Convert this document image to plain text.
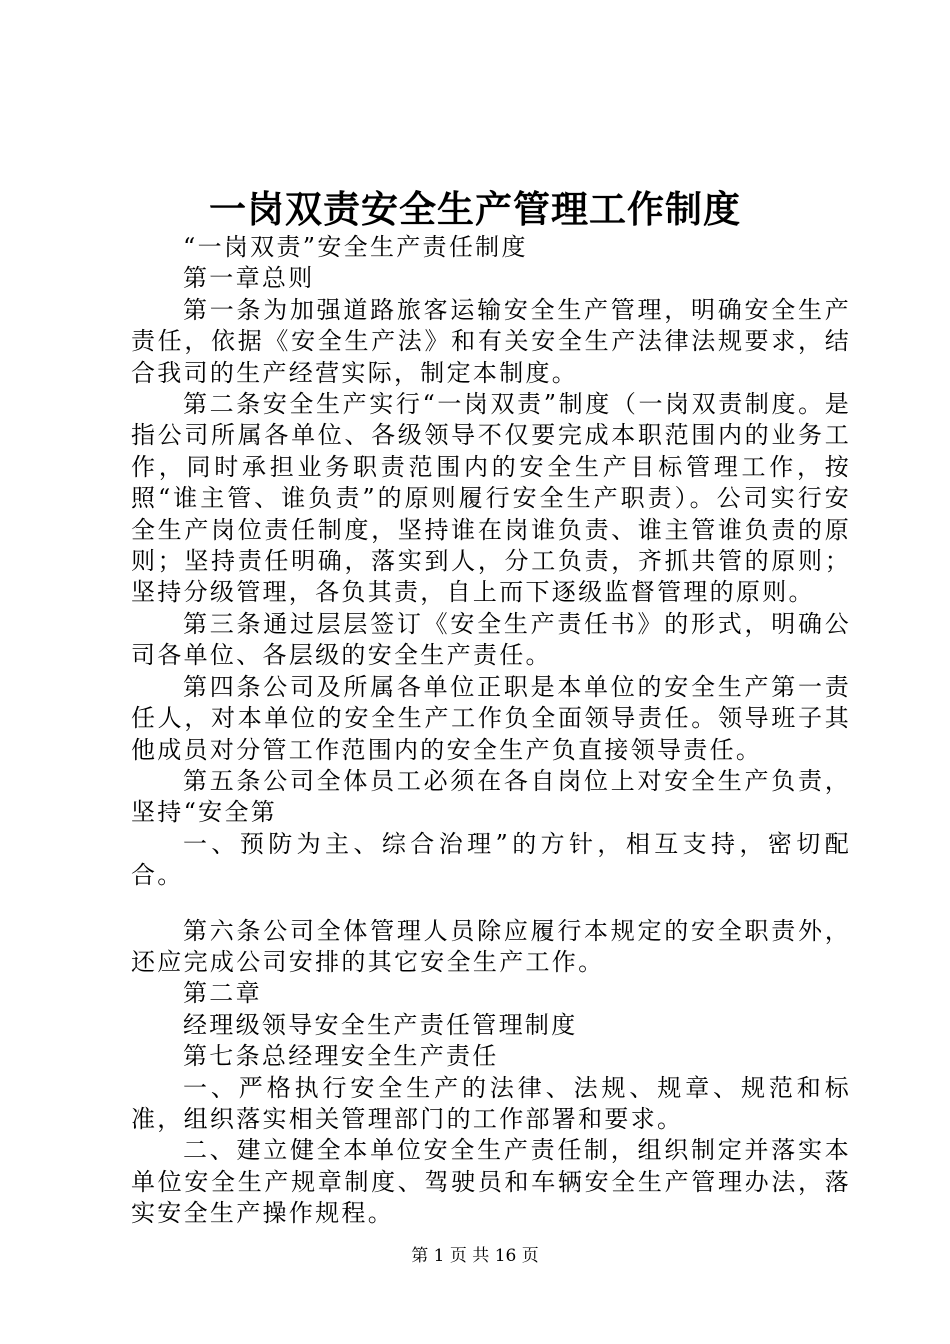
一岗双责安全生产管理工作制度

“一岗双责”安全生产责任制度

第一章总则

第一条为加强道路旅客运输安全生产管理，明确安全生产责任，依据《安全生产法》和有关安全生产法律法规要求，结合我司的生产经营实际，制定本制度。

第二条安全生产实行“一岗双责”制度（一岗双责制度。是指公司所属各单位、各级领导不仅要完成本职范围内的业务工作，同时承担业务职责范围内的安全生产目标管理工作，按照“谁主管、谁负责”的原则履行安全生产职责）。公司实行安全生产岗位责任制度，坚持谁在岗谁负责、谁主管谁负责的原则；坚持责任明确，落实到人，分工负责，齐抓共管的原则；坚持分级管理，各负其责，自上而下逐级监督管理的原则。

第三条通过层层签订《安全生产责任书》的形式，明确公司各单位、各层级的安全生产责任。

第四条公司及所属各单位正职是本单位的安全生产第一责任人，对本单位的安全生产工作负全面领导责任。领导班子其他成员对分管工作范围内的安全生产负直接领导责任。

第五条公司全体员工必须在各自岗位上对安全生产负责，坚持“安全第

一、预防为主、综合治理”的方针，相互支持，密切配合。

第六条公司全体管理人员除应履行本规定的安全职责外，还应完成公司安排的其它安全生产工作。

第二章

经理级领导安全生产责任管理制度

第七条总经理安全生产责任

一、严格执行安全生产的法律、法规、规章、规范和标准，组织落实相关管理部门的工作部署和要求。

二、建立健全本单位安全生产责任制，组织制定并落实本单位安全生产规章制度、驾驶员和车辆安全生产管理办法，落实安全生产操作规程。

第 1 页 共 16 页
